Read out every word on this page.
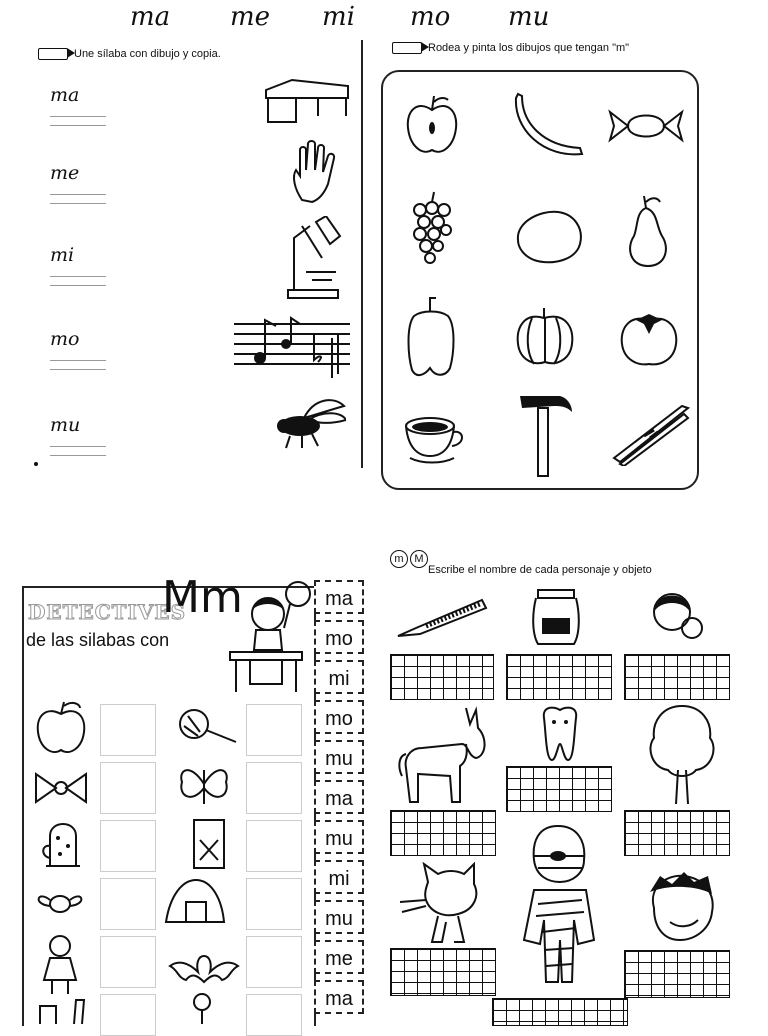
ma me mi mo mu
Une sílaba con dibujo y copia.
ma
me
mi
mo
mu
Rodea y pinta los dibujos que tengan "m"
DETECTIVES
Mm
de las silabas con
ma
mo
mi
mo
mu
ma
mu
mi
mu
me
ma
m M
Escribe el nombre de cada personaje y objeto
